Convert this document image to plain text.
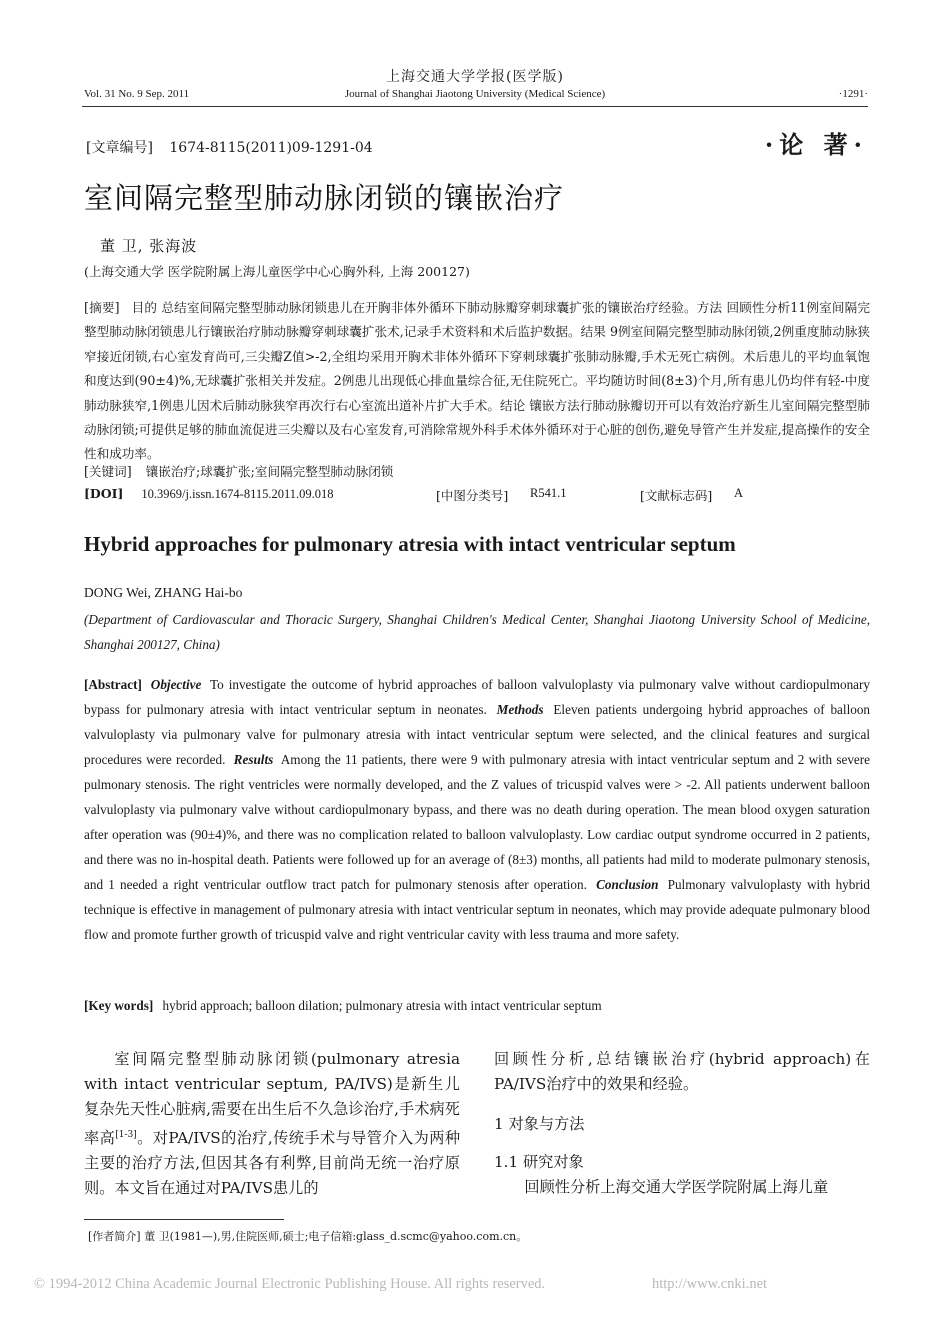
上海交通大学学报(医学版)
Vol. 31 No. 9 Sep. 2011	Journal of Shanghai Jiaotong University (Medical Science)	·1291·
[文章编号] 1674-8115(2011)09-1291-04	·论 著·
室间隔完整型肺动脉闭锁的镶嵌治疗
董 卫, 张海波
(上海交通大学 医学院附属上海儿童医学中心心胸外科, 上海 200127)
[摘要] 目的 总结室间隔完整型肺动脉闭锁患儿在开胸非体外循环下肺动脉瓣穿刺球囊扩张的镶嵌治疗经验。方法 回顾性分析11例室间隔完整型肺动脉闭锁患儿行镶嵌治疗肺动脉瓣穿刺球囊扩张术,记录手术资料和术后监护数据。结果 9例室间隔完整型肺动脉闭锁,2例重度肺动脉狭窄接近闭锁,右心室发育尚可,三尖瓣Z值>-2,全组均采用开胸术非体外循环下穿刺球囊扩张肺动脉瓣,手术无死亡病例。术后患儿的平均血氧饱和度达到(90±4)%,无球囊扩张相关并发症。2例患儿出现低心排血量综合征,无住院死亡。平均随访时间(8±3)个月,所有患儿仍均伴有轻-中度肺动脉狭窄,1例患儿因术后肺动脉狭窄再次行右心室流出道补片扩大手术。结论 镶嵌方法行肺动脉瓣切开可以有效治疗新生儿室间隔完整型肺动脉闭锁;可提供足够的肺血流促进三尖瓣以及右心室发育,可消除常规外科手术体外循环对于心脏的创伤,避免导管产生并发症,提高操作的安全性和成功率。
[关键词] 镶嵌治疗;球囊扩张;室间隔完整型肺动脉闭锁
[DOI] 10.3969/j.issn.1674-8115.2011.09.018	[中图分类号] R541.1	[文献标志码] A
Hybrid approaches for pulmonary atresia with intact ventricular septum
DONG Wei, ZHANG Hai-bo
(Department of Cardiovascular and Thoracic Surgery, Shanghai Children's Medical Center, Shanghai Jiaotong University School of Medicine, Shanghai 200127, China)
[Abstract] Objective To investigate the outcome of hybrid approaches of balloon valvuloplasty via pulmonary valve without cardiopulmonary bypass for pulmonary atresia with intact ventricular septum in neonates. Methods Eleven patients undergoing hybrid approaches of balloon valvuloplasty via pulmonary valve for pulmonary atresia with intact ventricular septum were selected, and the clinical features and surgical procedures were recorded. Results Among the 11 patients, there were 9 with pulmonary atresia with intact ventricular septum and 2 with severe pulmonary stenosis. The right ventricles were normally developed, and the Z values of tricuspid valves were > -2. All patients underwent balloon valvuloplasty via pulmonary valve without cardiopulmonary bypass, and there was no death during operation. The mean blood oxygen saturation after operation was (90±4)%, and there was no complication related to balloon valvuloplasty. Low cardiac output syndrome occurred in 2 patients, and there was no in-hospital death. Patients were followed up for an average of (8±3) months, all patients had mild to moderate pulmonary stenosis, and 1 needed a right ventricular outflow tract patch for pulmonary stenosis after operation. Conclusion Pulmonary valvuloplasty with hybrid technique is effective in management of pulmonary atresia with intact ventricular septum in neonates, which may provide adequate pulmonary blood flow and promote further growth of tricuspid valve and right ventricular cavity with less trauma and more safety.
[Key words] hybrid approach; balloon dilation; pulmonary atresia with intact ventricular septum

室间隔完整型肺动脉闭锁(pulmonary atresia with intact ventricular septum, PA/IVS)是新生儿复杂先天性心脏病,需要在出生后不久急诊治疗,手术病死率高[1-3]。对PA/IVS的治疗,传统手术与导管介入为两种主要的治疗方法,但因其各有利弊,目前尚无统一治疗原则。本文旨在通过对PA/IVS患儿的

回顾性分析,总结镶嵌治疗(hybrid approach)在PA/IVS治疗中的效果和经验。

1 对象与方法

1.1 研究对象

回顾性分析上海交通大学医学院附属上海儿童

[作者简介] 董 卫(1981—),男,住院医师,硕士;电子信箱:glass_d.scmc@yahoo.com.cn。
© 1994-2012 China Academic Journal Electronic Publishing House. All rights reserved.	http://www.cnki.net
